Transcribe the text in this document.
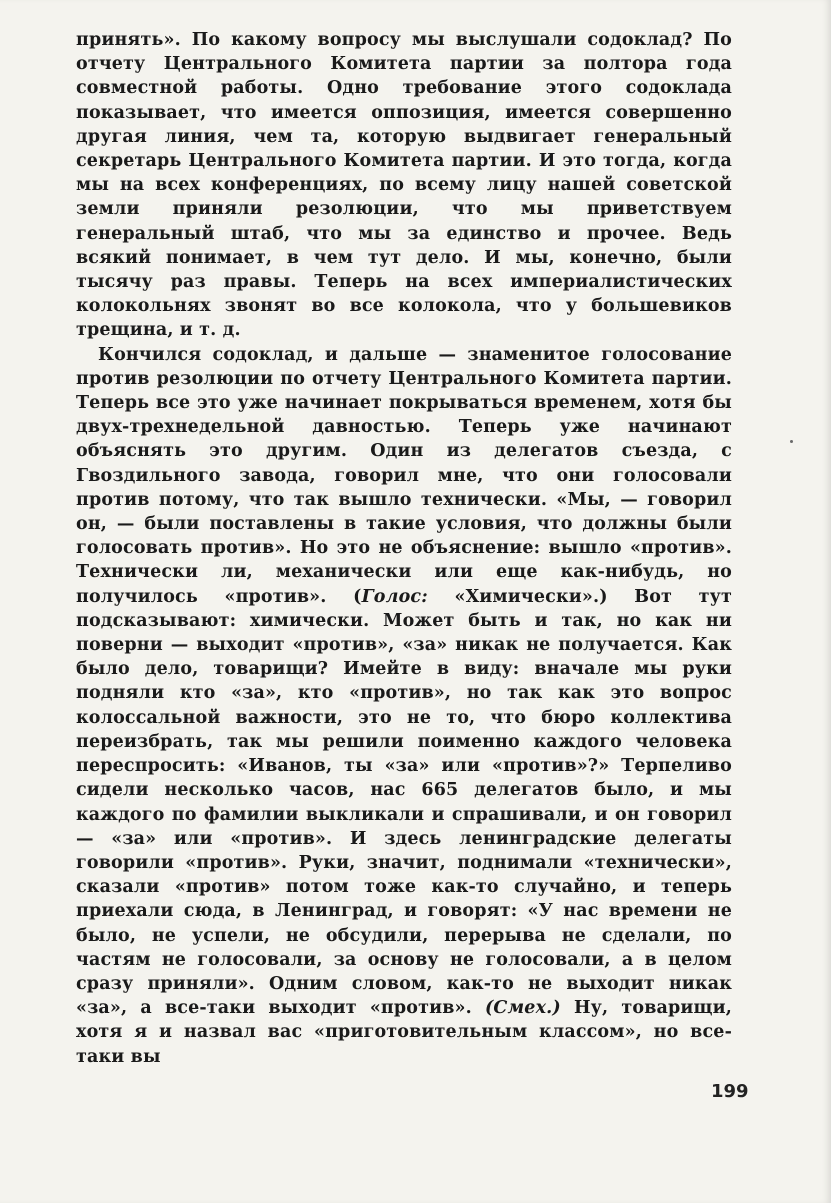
принять». По какому вопросу мы выслушали содоклад? По отчету Центрального Комитета партии за полтора года совместной работы. Одно требование этого содоклада показывает, что имеется оппозиция, имеется совершенно другая линия, чем та, которую выдвигает генеральный секретарь Центрального Комитета партии. И это тогда, когда мы на всех конференциях, по всему лицу нашей советской земли приняли резолюции, что мы приветствуем генеральный штаб, что мы за единство и прочее. Ведь всякий понимает, в чем тут дело. И мы, конечно, были тысячу раз правы. Теперь на всех империалистических колокольнях звонят во все колокола, что у большевиков трещина, и т. д.

Кончился содоклад, и дальше — знаменитое голосование против резолюции по отчету Центрального Комитета партии. Теперь все это уже начинает покрываться временем, хотя бы двух-трехнедельной давностью. Теперь уже начинают объяснять это другим. Один из делегатов съезда, с Гвоздильного завода, говорил мне, что они голосовали против потому, что так вышло технически. «Мы, — говорил он, — были поставлены в такие условия, что должны были голосовать против». Но это не объяснение: вышло «против». Технически ли, механически или еще как-нибудь, но получилось «против». (Голос: «Химически».) Вот тут подсказывают: химически. Может быть и так, но как ни поверни — выходит «против», «за» никак не получается. Как было дело, товарищи? Имейте в виду: вначале мы руки подняли кто «за», кто «против», но так как это вопрос колоссальной важности, это не то, что бюро коллектива переизбрать, так мы решили поименно каждого человека переспросить: «Иванов, ты «за» или «против»?» Терпеливо сидели несколько часов, нас 665 делегатов было, и мы каждого по фамилии выкликали и спрашивали, и он говорил — «за» или «против». И здесь ленинградские делегаты говорили «против». Руки, значит, поднимали «технически», сказали «против» потом тоже как-то случайно, и теперь приехали сюда, в Ленинград, и говорят: «У нас времени не было, не успели, не обсудили, перерыва не сделали, по частям не голосовали, за основу не голосовали, а в целом сразу приняли». Одним словом, как-то не выходит никак «за», а все-таки выходит «против». (Смех.) Ну, товарищи, хотя я и назвал вас «приготовительным классом», но все-таки вы

199
